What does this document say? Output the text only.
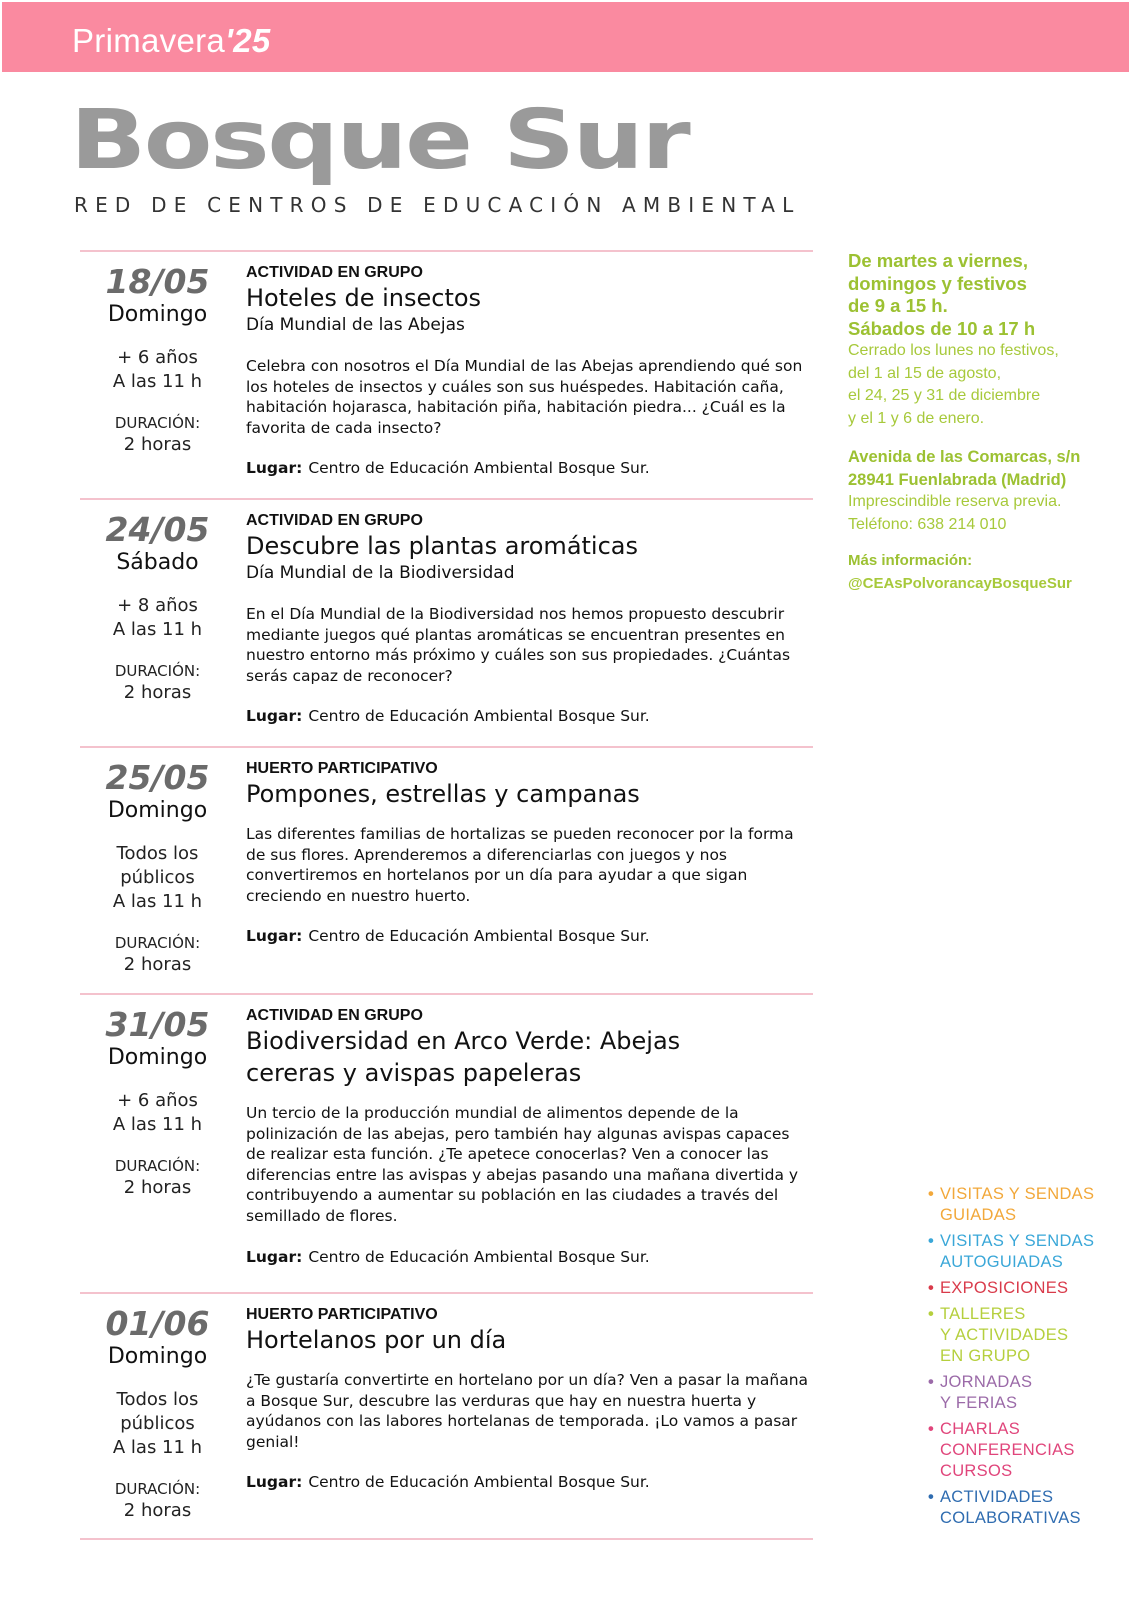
Primavera'25
Bosque Sur
RED DE CENTROS DE EDUCACIÓN AMBIENTAL
18/05
Domingo
+ 6 años
A las 11 h
DURACIÓN:
2 horas
ACTIVIDAD EN GRUPO
Hoteles de insectos
Día Mundial de las Abejas
Celebra con nosotros el Día Mundial de las Abejas aprendiendo qué son los hoteles de insectos y cuáles son sus huéspedes. Habitación caña, habitación hojarasca, habitación piña, habitación piedra... ¿Cuál es la favorita de cada insecto?
Lugar: Centro de Educación Ambiental Bosque Sur.
24/05
Sábado
+ 8 años
A las 11 h
DURACIÓN:
2 horas
ACTIVIDAD EN GRUPO
Descubre las plantas aromáticas
Día Mundial de la Biodiversidad
En el Día Mundial de la Biodiversidad nos hemos propuesto descubrir mediante juegos qué plantas aromáticas se encuentran presentes en nuestro entorno más próximo y cuáles son sus propiedades. ¿Cuántas serás capaz de reconocer?
Lugar: Centro de Educación Ambiental Bosque Sur.
25/05
Domingo
Todos los públicos
A las 11 h
DURACIÓN:
2 horas
HUERTO PARTICIPATIVO
Pompones, estrellas y campanas
Las diferentes familias de hortalizas se pueden reconocer por la forma de sus flores. Aprenderemos a diferenciarlas con juegos y nos convertiremos en hortelanos por un día para ayudar a que sigan creciendo en nuestro huerto.
Lugar: Centro de Educación Ambiental Bosque Sur.
31/05
Domingo
+ 6 años
A las 11 h
DURACIÓN:
2 horas
ACTIVIDAD EN GRUPO
Biodiversidad en Arco Verde: Abejas cereras y avispas papeleras
Un tercio de la producción mundial de alimentos depende de la polinización de las abejas, pero también hay algunas avispas capaces de realizar esta función. ¿Te apetece conocerlas? Ven a conocer las diferencias entre las avispas y abejas pasando una mañana divertida y contribuyendo a aumentar su población en las ciudades a través del semillado de flores.
Lugar: Centro de Educación Ambiental Bosque Sur.
01/06
Domingo
Todos los públicos
A las 11 h
DURACIÓN:
2 horas
HUERTO PARTICIPATIVO
Hortelanos por un día
¿Te gustaría convertirte en hortelano por un día? Ven a pasar la mañana a Bosque Sur, descubre las verduras que hay en nuestra huerta y ayúdanos con las labores hortelanas de temporada. ¡Lo vamos a pasar genial!
Lugar: Centro de Educación Ambiental Bosque Sur.
De martes a viernes,
domingos y festivos
de 9 a 15 h.
Sábados de 10 a 17 h
Cerrado los lunes no festivos,
del 1 al 15 de agosto,
el 24, 25 y 31 de diciembre
y el 1 y 6 de enero.
Avenida de las Comarcas, s/n
28941 Fuenlabrada (Madrid)
Imprescindible reserva previa.
Teléfono: 638 214 010
Más información:
@CEAsPolvorancayBosqueSur
• VISITAS Y SENDAS
GUIADAS
• VISITAS Y SENDAS
AUTOGUIADAS
• EXPOSICIONES
• TALLERES
Y ACTIVIDADES
EN GRUPO
• JORNADAS
Y FERIAS
• CHARLAS
CONFERENCIAS
CURSOS
• ACTIVIDADES
COLABORATIVAS
